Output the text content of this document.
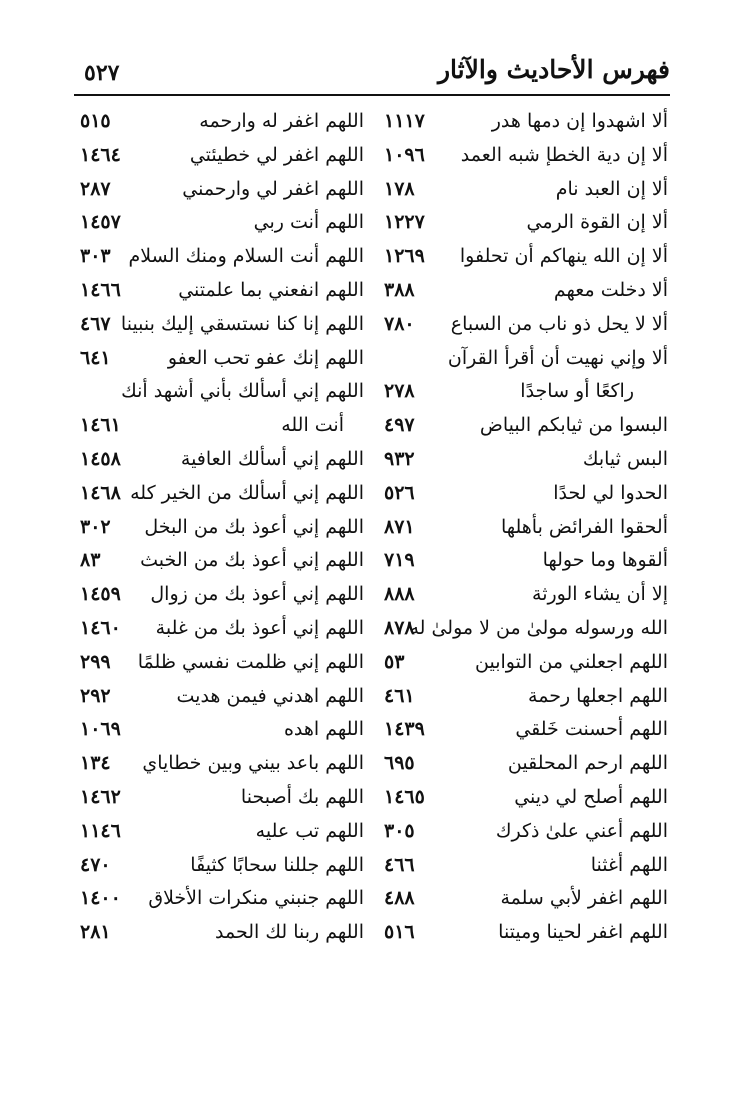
فهرس الأحاديث والآثار
٥٢٧
ألا اشهدوا إن دمها هدر
١١١٧
اللهم اغفر له وارحمه
٥١٥
ألا إن دية الخطإ شبه العمد
١٠٩٦
اللهم اغفر لي خطيئتي
١٤٦٤
ألا إن العبد نام
١٧٨
اللهم اغفر لي وارحمني
٢٨٧
ألا إن القوة الرمي
١٢٢٧
اللهم أنت ربي
١٤٥٧
ألا إن الله ينهاكم أن تحلفوا
١٢٦٩
اللهم أنت السلام ومنك السلام
٣٠٣
ألا دخلت معهم
٣٨٨
اللهم انفعني بما علمتني
١٤٦٦
ألا لا يحل ذو ناب من السباع
٧٨٠
اللهم إنا كنا نستسقي إليك بنبينا
٤٦٧
ألا وإني نهيت أن أقرأ القرآن
اللهم إنك عفو تحب العفو
٦٤١
راكعًا أو ساجدًا
٢٧٨
اللهم إني أسألك بأني أشهد أنك
البسوا من ثيابكم البياض
٤٩٧
أنت الله
١٤٦١
البس ثيابك
٩٣٢
اللهم إني أسألك العافية
١٤٥٨
الحدوا لي لحدًا
٥٢٦
اللهم إني أسألك من الخير كله
١٤٦٨
ألحقوا الفرائض بأهلها
٨٧١
اللهم إني أعوذ بك من البخل
٣٠٢
ألقوها وما حولها
٧١٩
اللهم إني أعوذ بك من الخبث
٨٣
إلا أن يشاء الورثة
٨٨٨
اللهم إني أعوذ بك من زوال
١٤٥٩
الله ورسوله مولىٰ من لا مولىٰ له
٨٧٨
اللهم إني أعوذ بك من غلبة
١٤٦٠
اللهم اجعلني من التوابين
٥٣
اللهم إني ظلمت نفسي ظلمًا
٢٩٩
اللهم اجعلها رحمة
٤٦١
اللهم اهدني فيمن هديت
٢٩٢
اللهم أحسنت خَلقي
١٤٣٩
اللهم اهده
١٠٦٩
اللهم ارحم المحلقين
٦٩٥
اللهم باعد بيني وبين خطاياي
١٣٤
اللهم أصلح لي ديني
١٤٦٥
اللهم بك أصبحنا
١٤٦٢
اللهم أعني علىٰ ذكرك
٣٠٥
اللهم تب عليه
١١٤٦
اللهم أغثنا
٤٦٦
اللهم جللنا سحابًا كثيفًا
٤٧٠
اللهم اغفر لأبي سلمة
٤٨٨
اللهم جنبني منكرات الأخلاق
١٤٠٠
اللهم اغفر لحينا وميتنا
٥١٦
اللهم ربنا لك الحمد
٢٨١
